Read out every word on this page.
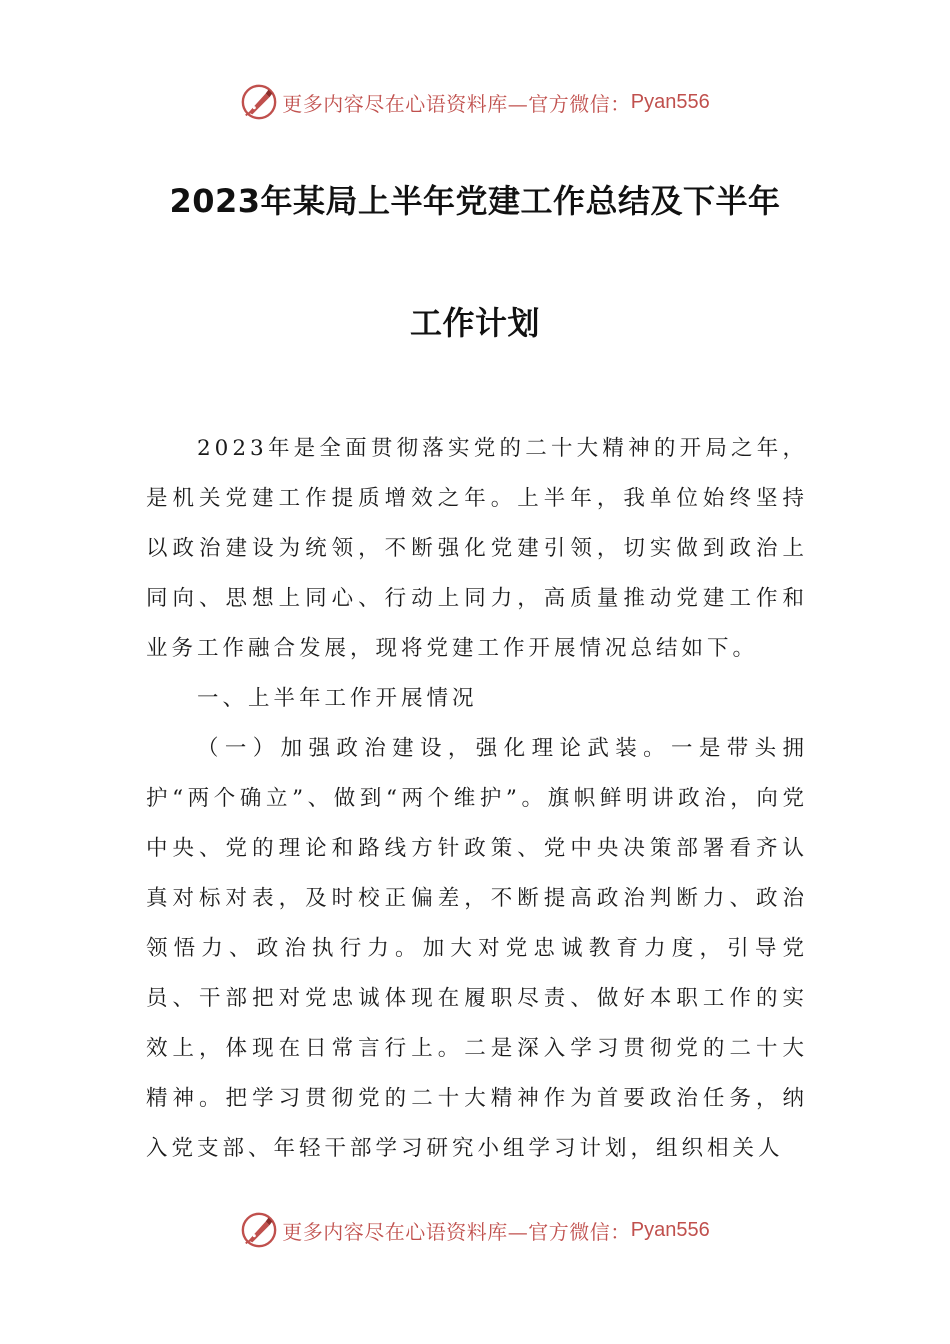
更多内容尽在心语资料库—官方微信： Pyan556
2023年某局上半年党建工作总结及下半年
工作计划

2023年是全面贯彻落实党的二十大精神的开局之年，是机关党建工作提质增效之年。上半年，我单位始终坚持以政治建设为统领，不断强化党建引领，切实做到政治上同向、思想上同心、行动上同力，高质量推动党建工作和业务工作融合发展，现将党建工作开展情况总结如下。

一、上半年工作开展情况

（一）加强政治建设，强化理论武装。一是带头拥护“两个确立”、做到“两个维护”。旗帜鲜明讲政治，向党中央、党的理论和路线方针政策、党中央决策部署看齐认真对标对表，及时校正偏差，不断提高政治判断力、政治领悟力、政治执行力。加大对党忠诚教育力度，引导党员、干部把对党忠诚体现在履职尽责、做好本职工作的实效上，体现在日常言行上。二是深入学习贯彻党的二十大精神。把学习贯彻党的二十大精神作为首要政治任务，纳入党支部、年轻干部学习研究小组学习计划，组织相关人

更多内容尽在心语资料库—官方微信： Pyan556
